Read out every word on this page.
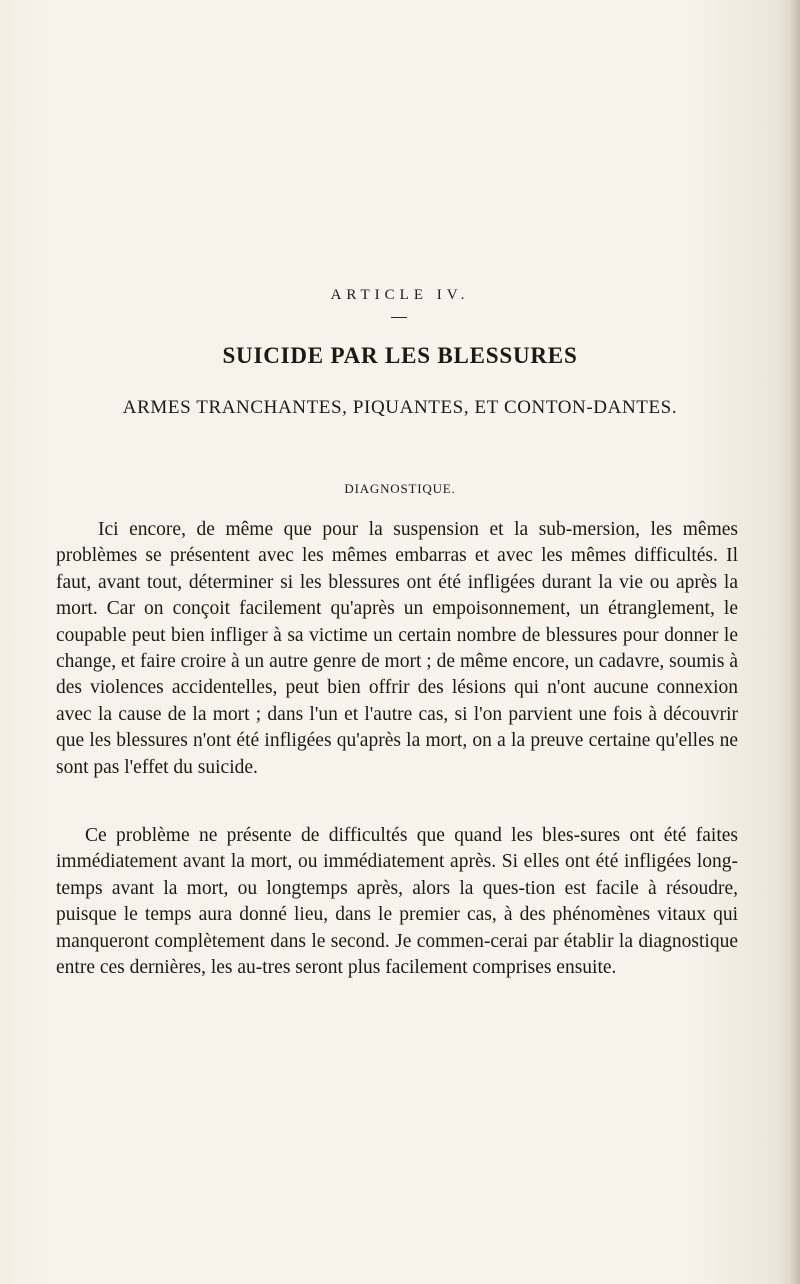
ARTICLE IV.
SUICIDE PAR LES BLESSURES
ARMES TRANCHANTES, PIQUANTES, ET CONTON-DANTES.
DIAGNOSTIQUE.

Ici encore, de même que pour la suspension et la sub-mersion, les mêmes problèmes se présentent avec les mêmes embarras et avec les mêmes difficultés. Il faut, avant tout, déterminer si les blessures ont été infligées durant la vie ou après la mort. Car on conçoit facilement qu'après un empoisonnement, un étranglement, le coupable peut bien infliger à sa victime un certain nombre de blessures pour donner le change, et faire croire à un autre genre de mort ; de même encore, un cadavre, soumis à des violences accidentelles, peut bien offrir des lésions qui n'ont aucune connexion avec la cause de la mort ; dans l'un et l'autre cas, si l'on parvient une fois à découvrir que les blessures n'ont été infligées qu'après la mort, on a la preuve certaine qu'elles ne sont pas l'effet du suicide.

Ce problème ne présente de difficultés que quand les bles-sures ont été faites immédiatement avant la mort, ou immédiatement après. Si elles ont été infligées long-temps avant la mort, ou longtemps après, alors la ques-tion est facile à résoudre, puisque le temps aura donné lieu, dans le premier cas, à des phénomènes vitaux qui manqueront complètement dans le second. Je commen-cerai par établir la diagnostique entre ces dernières, les au-tres seront plus facilement comprises ensuite.
